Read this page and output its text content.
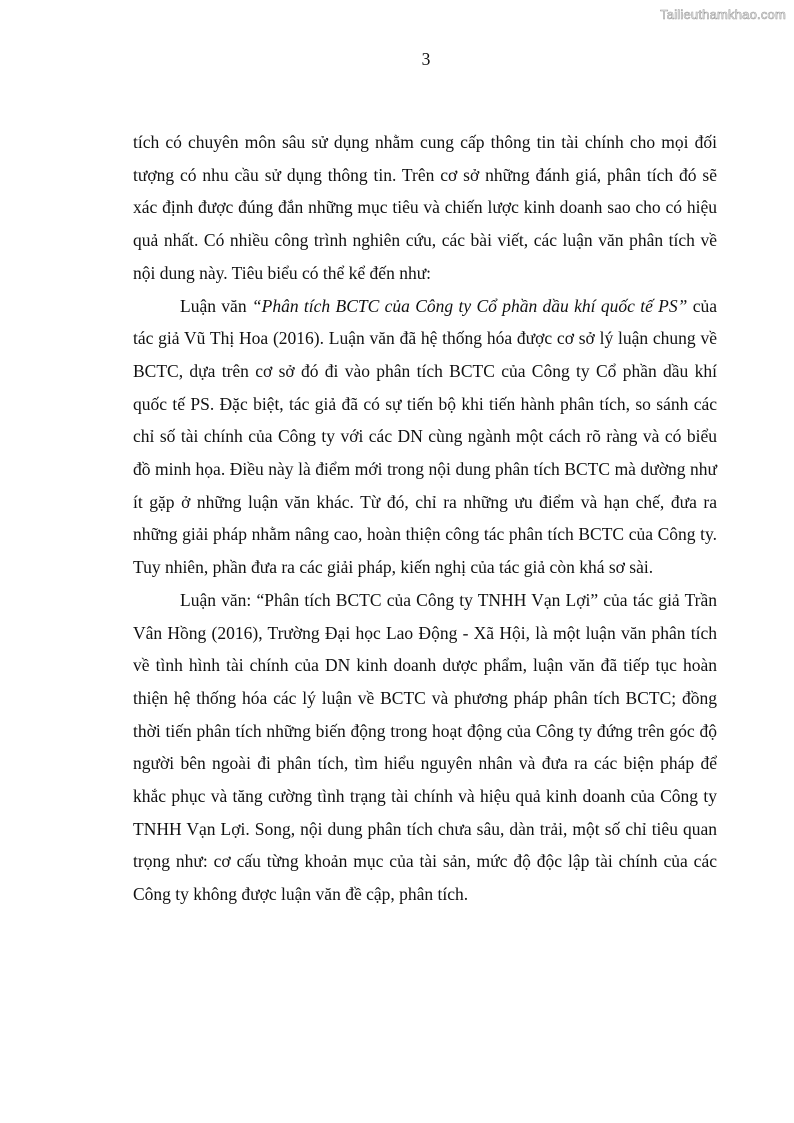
Tailieuthamkhao.com
3

tích có chuyên môn sâu sử dụng nhằm cung cấp thông tin tài chính cho mọi đối tượng có nhu cầu sử dụng thông tin. Trên cơ sở những đánh giá, phân tích đó sẽ xác định được đúng đắn những mục tiêu và chiến lược kinh doanh sao cho có hiệu quả nhất. Có nhiều công trình nghiên cứu, các bài viết, các luận văn phân tích về nội dung này. Tiêu biểu có thể kể đến như:

Luận văn “Phân tích BCTC của Công ty Cổ phần dầu khí quốc tế PS” của tác giả Vũ Thị Hoa (2016). Luận văn đã hệ thống hóa được cơ sở lý luận chung về BCTC, dựa trên cơ sở đó đi vào phân tích BCTC của Công ty Cổ phần dầu khí quốc tế PS. Đặc biệt, tác giả đã có sự tiến bộ khi tiến hành phân tích, so sánh các chỉ số tài chính của Công ty với các DN cùng ngành một cách rõ ràng và có biểu đồ minh họa. Điều này là điểm mới trong nội dung phân tích BCTC mà dường như ít gặp ở những luận văn khác. Từ đó, chỉ ra những ưu điểm và hạn chế, đưa ra những giải pháp nhằm nâng cao, hoàn thiện công tác phân tích BCTC của Công ty. Tuy nhiên, phần đưa ra các giải pháp, kiến nghị của tác giả còn khá sơ sài.

Luận văn: “Phân tích BCTC của Công ty TNHH Vạn Lợi” của tác giả Trần Vân Hồng (2016), Trường Đại học Lao Động - Xã Hội, là một luận văn phân tích về tình hình tài chính của DN kinh doanh dược phẩm, luận văn đã tiếp tục hoàn thiện hệ thống hóa các lý luận về BCTC và phương pháp phân tích BCTC; đồng thời tiến phân tích những biến động trong hoạt động của Công ty đứng trên góc độ người bên ngoài đi phân tích, tìm hiểu nguyên nhân và đưa ra các biện pháp để khắc phục và tăng cường tình trạng tài chính và hiệu quả kinh doanh của Công ty TNHH Vạn Lợi. Song, nội dung phân tích chưa sâu, dàn trải, một số chỉ tiêu quan trọng như: cơ cấu từng khoản mục của tài sản, mức độ độc lập tài chính của các Công ty không được luận văn đề cập, phân tích.
